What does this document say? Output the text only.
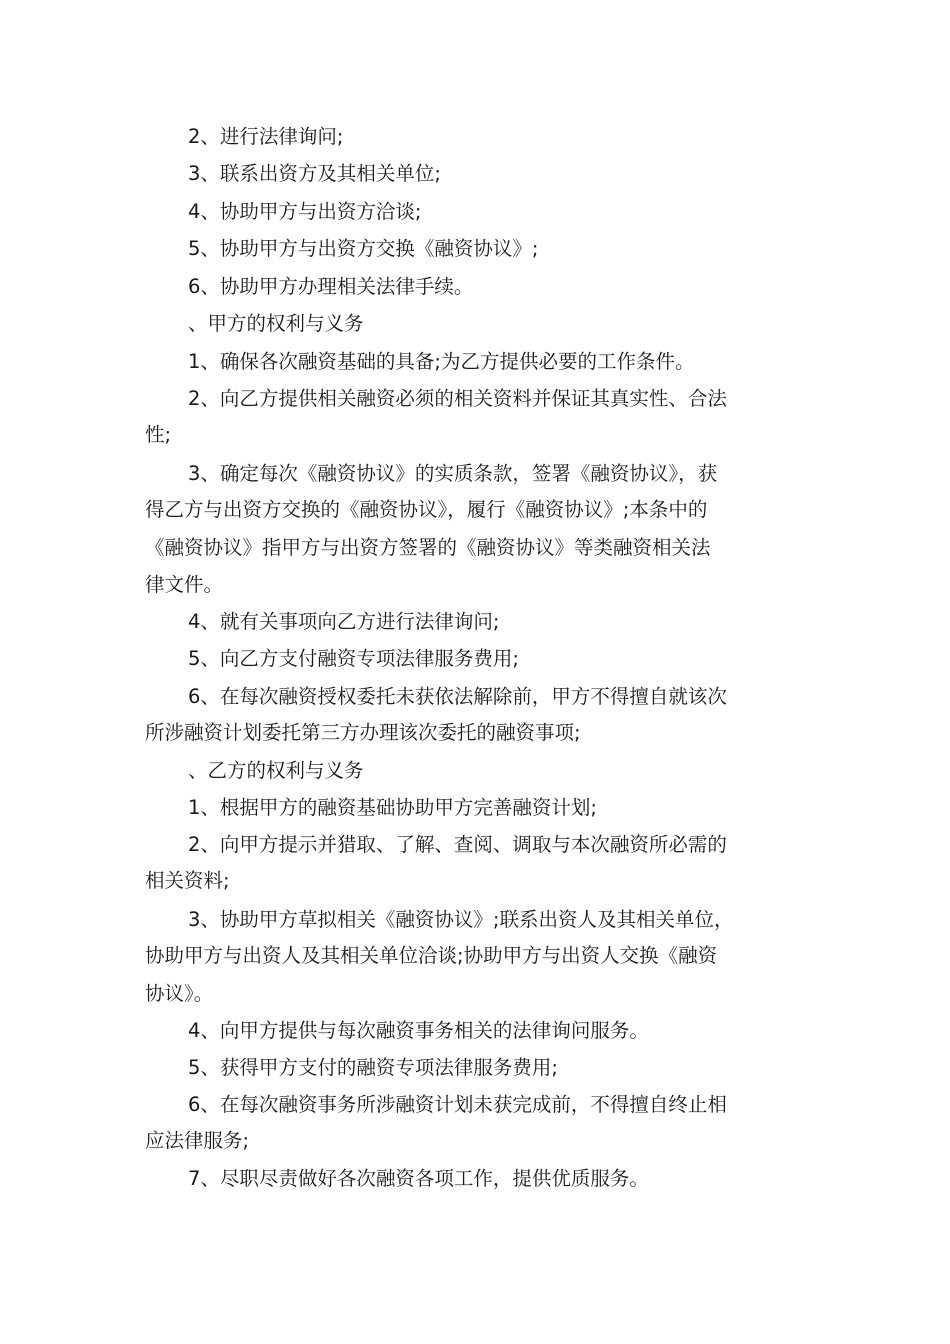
2、进行法律询问;

3、联系出资方及其相关单位;

4、协助甲方与出资方洽谈;

5、协助甲方与出资方交换《融资协议》;

6、协助甲方办理相关法律手续。

、甲方的权利与义务

1、确保各次融资基础的具备;为乙方提供必要的工作条件。

2、向乙方提供相关融资必须的相关资料并保证其真实性、合法

性;

3、确定每次《融资协议》的实质条款，签署《融资协议》，获

得乙方与出资方交换的《融资协议》，履行《融资协议》;本条中的

《融资协议》指甲方与出资方签署的《融资协议》等类融资相关法

律文件。

4、就有关事项向乙方进行法律询问;

5、向乙方支付融资专项法律服务费用;

6、在每次融资授权委托未获依法解除前，甲方不得擅自就该次

所涉融资计划委托第三方办理该次委托的融资事项;

、乙方的权利与义务

1、根据甲方的融资基础协助甲方完善融资计划;

2、向甲方提示并猎取、了解、查阅、调取与本次融资所必需的

相关资料;

3、协助甲方草拟相关《融资协议》;联系出资人及其相关单位，

协助甲方与出资人及其相关单位洽谈;协助甲方与出资人交换《融资

协议》。

4、向甲方提供与每次融资事务相关的法律询问服务。

5、获得甲方支付的融资专项法律服务费用;

6、在每次融资事务所涉融资计划未获完成前，不得擅自终止相

应法律服务;

7、尽职尽责做好各次融资各项工作，提供优质服务。
